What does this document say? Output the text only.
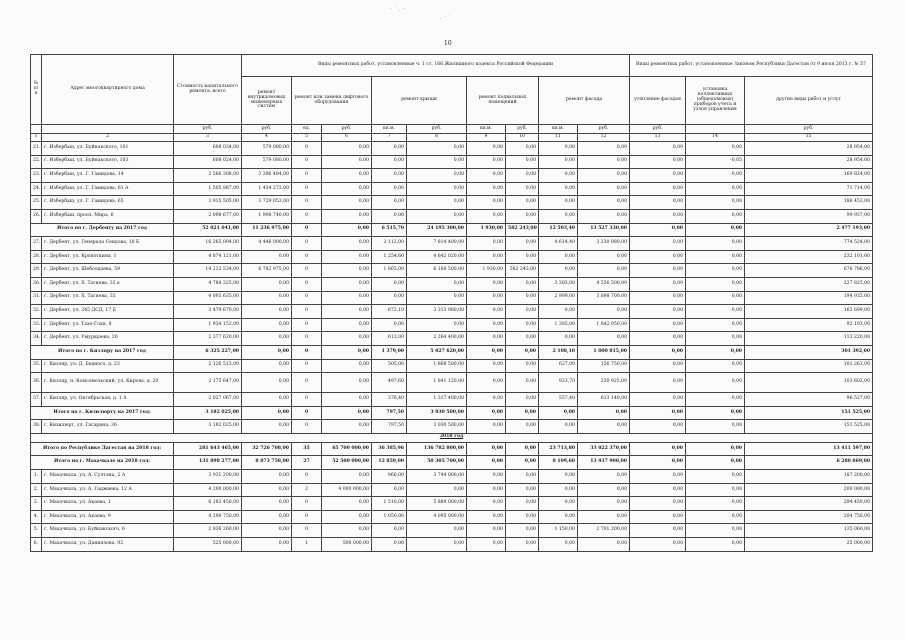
· ˙ . ·
. · ˙
10
№ п/п	Адрес многоквартирного дома	Стоимость капитального ремонта, всего	Виды ремонтных работ, установленные ч. 1 ст. 166 Жилищного кодекса Российской Федерации									Виды ремонтных работ, установленные Законом Республики Дагестан от 9 июля 2013 г. № 57		
			ремонт внутридомовых инженерных систем	ремонт или замена лифтового оборудования		ремонт крыши		ремонт подвальных помещений		ремонт фасада		утепление фасадов	установка коллективных (общедомовых) приборов учета и узлов управления	другие виды работ и услуг
		руб.	руб.	ед.	руб.	кв.м.	руб.	кв.м.	руб.	кв.м.	руб.	руб.		руб.
1	2	3	4	5	6	7	8	9	10	11	12	13	14	15
21.	г. Избербаш, ул. Буйнакского, 101	608 034,00	579 080,00	0	0,00	0,00	0,00	0,00	0,00	0,00	0,00	0,00	0,00	28 954,00
22.	г. Избербаш, ул. Буйнакского, 103	608 024,00	579 080,00	0	0,00	0,00	0,00	0,00	0,00	0,00	0,00	0,00	-0,05	28 954,00
23.	г. Избербаш, ул. Г. Гамидова, 14	3 566 308,00	3 396 484,00	0	0,00	0,00	0,00	0,00	0,00	0,00	0,00	0,00	0,00	169 824,00
24.	г. Избербаш, ул. Г. Гамидова, 61 А	1 505 987,00	1 434 273,00	0	0,00	0,00	0,00	0,00	0,00	0,00	0,00	0,00	0,00	71 714,00
25.	г. Избербаш, ул. Г. Гамидова, 65	3 915 505,00	3 729 052,00	0	0,00	0,00	0,00	0,00	0,00	0,00	0,00	0,00	0,00	186 453,00
26.	г. Избербаш, просп. Мира, 6	2 098 677,00	1 998 740,00	0	0,00	0,00	0,00	0,00	0,00	0,00	0,00	0,00	0,00	99 937,00
Итого по г. Дербенту на 2017 год		52 021 041,00	11 236 975,00	0	0,00	6 515,70	24 195 300,00	1 930,00	582 243,00	12 503,40	13 527 330,00	0,00	0,00	2 477 193,00
27.	г. Дербент, ул. Генерала Сеидова, 18 Б	16 265 004,00	4 446 000,00	0	0,00	2 112,00	7 814 400,00	0,00	0,00	4 614,40	3 230 080,00	0,00	0,00	774 524,00
28.	г. Дербент, ул. Кропоткина, 1	4 874 121,00	0,00	0	0,00	1 254,60	4 642 020,00	0,00	0,00	0,00	0,00	0,00	0,00	232 101,00
29.	г. Дербент, ул. Шеболдаева, 59	14 212 534,00	6 782 975,00	0	0,00	1 665,00	6 160 500,00	1 930,00	582 243,00	0,00	0,00	0,00	0,00	676 786,00
30.	г. Дербент, ул. Х. Тагиева, 33 в	4 784 325,00	0,00	0	0,00	0,00	0,00	0,00	0,00	3 305,00	4 556 500,00	0,00	0,00	227 825,00
31.	г. Дербент, ул. Х. Тагиева, 33	4 093 635,00	0,00	0	0,00	0,00	0,00	0,00	0,00	2 999,00	3 898 700,00	0,00	0,00	194 935,00
32.	г. Дербент, ул. 345 ДСД, 17 Б	3 479 679,00	0,00	0	0,00	872,10	3 313 980,00	0,00	0,00	0,00	0,00	0,00	0,00	165 699,00
33.	г. Дербент, ул. Тахо-Годи, 8	1 934 153,00	0,00	0	0,00	0,00	0,00	0,00	0,00	1 385,00	1 842 050,00	0,00	0,00	92 103,00
34.	г. Дербент, ул. Умурщаева, 20	2 377 620,00	0,00	0	0,00	612,00	2 264 400,00	0,00	0,00	0,00	0,00	0,00	0,00	113 220,00
Итого по г. Кизляру на 2017 год		6 325 227,00	0,00	0	0,00	1 379,00	5 027 620,00	0,00	0,00	2 108,10	1 000 815,00	0,00	0,00	301 392,00
35.	г. Кизляр, ул. Д. Бедного, д. 23	2 126 513,00	0,00	0	0,00	505,00	1 868 500,00	0,00	0,00	627,00	156 750,00	0,00	0,00	101 263,00
36.	г. Кизляр, п. Комсомольский, ул. Кирова, д. 20	2 175 647,00	0,00	0	0,00	497,60	1 841 120,00	0,00	0,00	923,70	230 925,00	0,00	0,00	103 602,00
37.	г. Кизляр, ул. Октябрьская, д. 1 А	2 027 067,00	0,00	0	0,00	376,40	1 317 400,00	0,00	0,00	557,40	613 140,00	0,00	0,00	96 527,00
Итого по г. Кизилюрту на 2017 год:		3 182 025,00	0,00	0	0,00	797,50	3 030 500,00	0,00	0,00	0,00	0,00	0,00	0,00	151 525,00
38.	г. Кизилюрт, ул. Гагарина, 36	3 182 025,00	0,00	0	0,00	797,50	3 030 500,00	0,00	0,00	0,00	0,00	0,00	0,00	151 525,00
2018 год														
Итого по Республике Дагестан на 2018 год:		281 643 465,00	32 726 708,00	35	65 700 000,00	36 385,96	136 782 800,00	0,00	0,00	23 713,80	33 022 370,00	0,00	0,00	13 411 597,00
Итого по г. Махачкале на 2018 год:		131 898 277,00	8 873 758,00	27	52 500 000,00	12 859,00	50 305 700,00	0,00	0,00	8 109,60	13 937 900,00	0,00	0,00	6 280 869,00
1.	г. Махачкала, ул. А. Султана, 2 А	3 931 200,00	0,00	0	0,00	960,00	3 744 000,00	0,00	0,00	0,00	0,00	0,00	0,00	187 200,00
2.	г. Махачкала, ул. А. Гаджиева, 12 А	4 200 000,00	0,00	2	4 000 000,00	0,00	0,00	0,00	0,00	0,00	0,00	0,00	0,00	200 000,00
3.	г. Махачкала, ул. Акаева, 1	6 183 450,00	0,00	0	0,00	1 510,00	5 889 000,00	0,00	0,00	0,00	0,00	0,00	0,00	294 450,00
4.	г. Махачкала, ул. Акаева, 9	4 299 750,00	0,00	0	0,00	1 050,00	4 095 000,00	0,00	0,00	0,00	0,00	0,00	0,00	204 750,00
5.	г. Махачкала, ул. Буйнакского, 6	2 836 260,00	0,00	0	0,00	0,00	0,00	0,00	0,00	1 150,00	2 701 200,00	0,00	0,00	135 060,00
6.	г. Махачкала, ул. Даниялова, 92	525 000,00	0,00	1	500 000,00	0,00	0,00	0,00	0,00	0,00	0,00	0,00	0,00	25 000,00
